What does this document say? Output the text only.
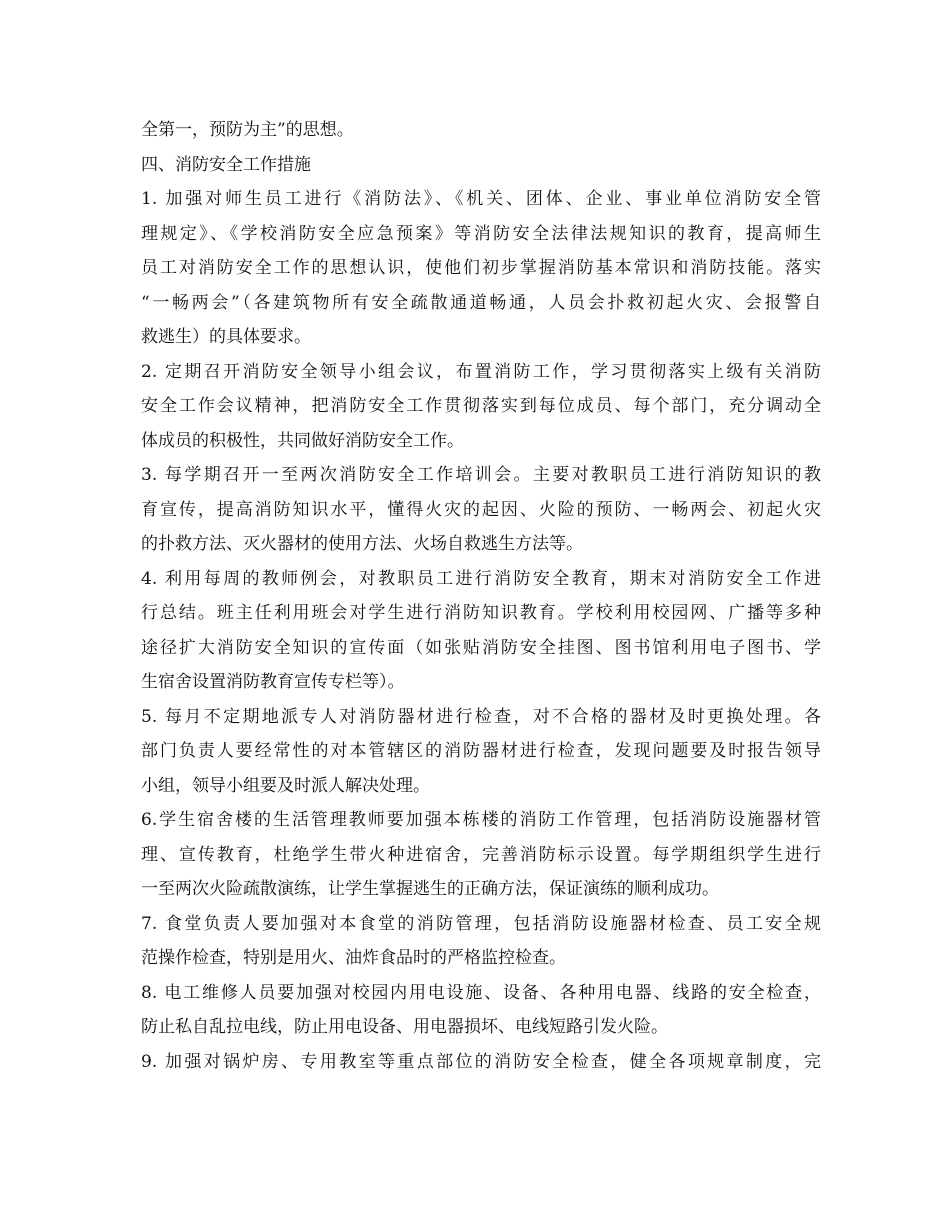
全第一，预防为主”的思想。
四、消防安全工作措施
1. 加强对师生员工进行《消防法》、《机关、团体、企业、事业单位消防安全管
理规定》、《学校消防安全应急预案》等消防安全法律法规知识的教育，提高师生
员工对消防安全工作的思想认识，使他们初步掌握消防基本常识和消防技能。落实
“一畅两会”（各建筑物所有安全疏散通道畅通，人员会扑救初起火灾、会报警自
救逃生）的具体要求。
2. 定期召开消防安全领导小组会议，布置消防工作，学习贯彻落实上级有关消防
安全工作会议精神，把消防安全工作贯彻落实到每位成员、每个部门，充分调动全
体成员的积极性，共同做好消防安全工作。
3. 每学期召开一至两次消防安全工作培训会。主要对教职员工进行消防知识的教
育宣传，提高消防知识水平，懂得火灾的起因、火险的预防、一畅两会、初起火灾
的扑救方法、灭火器材的使用方法、火场自救逃生方法等。
4. 利用每周的教师例会，对教职员工进行消防安全教育，期末对消防安全工作进
行总结。班主任利用班会对学生进行消防知识教育。学校利用校园网、广播等多种
途径扩大消防安全知识的宣传面（如张贴消防安全挂图、图书馆利用电子图书、学
生宿舍设置消防教育宣传专栏等）。
5. 每月不定期地派专人对消防器材进行检查，对不合格的器材及时更换处理。各
部门负责人要经常性的对本管辖区的消防器材进行检查，发现问题要及时报告领导
小组，领导小组要及时派人解决处理。
6.学生宿舍楼的生活管理教师要加强本栋楼的消防工作管理，包括消防设施器材管
理、宣传教育，杜绝学生带火种进宿舍，完善消防标示设置。每学期组织学生进行
一至两次火险疏散演练，让学生掌握逃生的正确方法，保证演练的顺利成功。
7. 食堂负责人要加强对本食堂的消防管理，包括消防设施器材检查、员工安全规
范操作检查，特别是用火、油炸食品时的严格监控检查。
8. 电工维修人员要加强对校园内用电设施、设备、各种用电器、线路的安全检查，
防止私自乱拉电线，防止用电设备、用电器损坏、电线短路引发火险。
9. 加强对锅炉房、专用教室等重点部位的消防安全检查，健全各项规章制度，完
